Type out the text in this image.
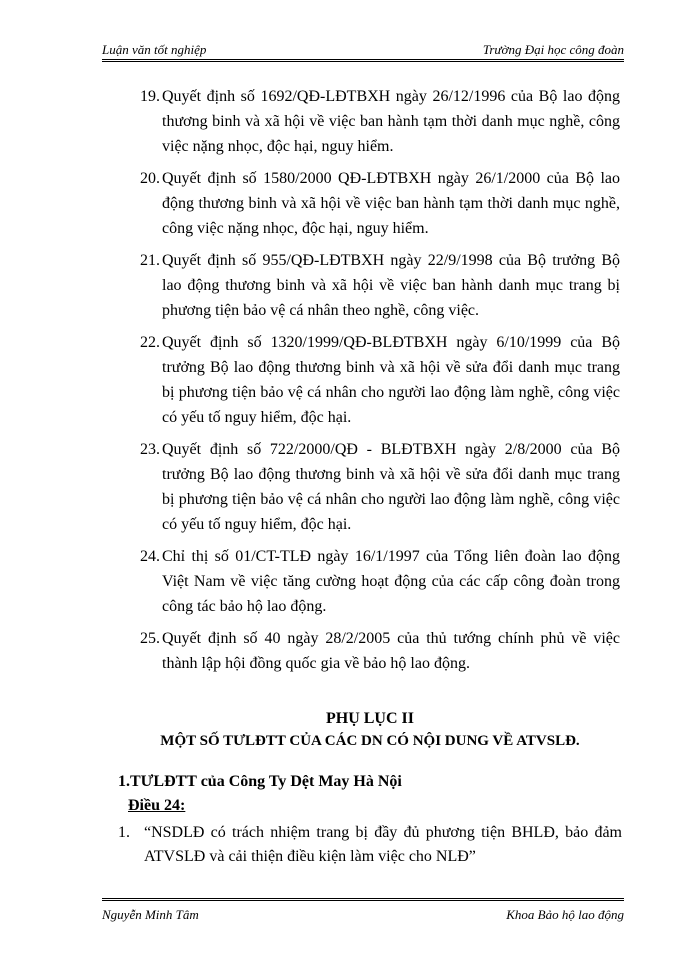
Luận văn tốt nghiệp	Trường Đại học công đoàn
19. Quyết định số 1692/QĐ-LĐTBXH ngày 26/12/1996 của Bộ lao động thương binh và xã hội về việc ban hành tạm thời danh mục nghề, công việc nặng nhọc, độc hại, nguy hiểm.
20. Quyết định số 1580/2000 QĐ-LĐTBXH ngày 26/1/2000 của Bộ lao động thương binh và xã hội về việc ban hành tạm thời danh mục nghề, công việc nặng nhọc, độc hại, nguy hiểm.
21. Quyết định số 955/QĐ-LĐTBXH ngày 22/9/1998 của Bộ trưởng Bộ lao động thương binh và xã hội về việc ban hành danh mục trang bị phương tiện bảo vệ cá nhân theo nghề, công việc.
22. Quyết định số 1320/1999/QĐ-BLĐTBXH ngày 6/10/1999 của Bộ trưởng Bộ lao động thương binh và xã hội về sửa đổi danh mục trang bị phương tiện bảo vệ cá nhân cho người lao động làm nghề, công việc có yếu tố nguy hiểm, độc hại.
23. Quyết định số 722/2000/QĐ - BLĐTBXH ngày 2/8/2000 của Bộ trưởng Bộ lao động thương binh và xã hội về sửa đổi danh mục trang bị phương tiện bảo vệ cá nhân cho người lao động làm nghề, công việc có yếu tố nguy hiểm, độc hại.
24. Chỉ thị số 01/CT-TLĐ ngày 16/1/1997 của Tổng liên đoàn lao động Việt Nam về việc tăng cường hoạt động của các cấp công đoàn trong công tác bảo hộ lao động.
25. Quyết định số 40 ngày 28/2/2005 của thủ tướng chính phủ về việc thành lập hội đồng quốc gia về bảo hộ lao động.
PHỤ LỤC II
MỘT SỐ TƯLĐTT CỦA CÁC DN CÓ NỘI DUNG VỀ ATVSLĐ.
1.TƯLĐTT của Công Ty Dệt May Hà Nội
Điều 24:
1. “NSDLĐ có trách nhiệm trang bị đầy đủ phương tiện BHLĐ, bảo đảm ATVSLĐ và cải thiện điều kiện làm việc cho NLĐ”
Nguyễn Minh Tâm	Khoa Bảo hộ lao động
